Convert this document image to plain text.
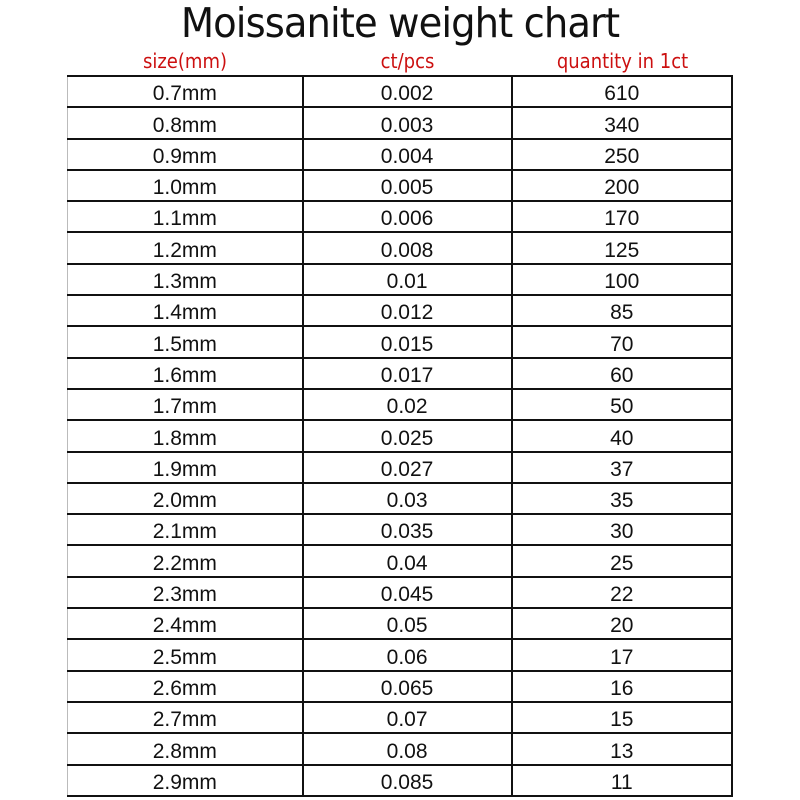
Moissanite weight chart
size(mm)	ct/pcs	quantity in 1ct
0.7mm	0.002	610
0.8mm	0.003	340
0.9mm	0.004	250
1.0mm	0.005	200
1.1mm	0.006	170
1.2mm	0.008	125
1.3mm	0.01	100
1.4mm	0.012	85
1.5mm	0.015	70
1.6mm	0.017	60
1.7mm	0.02	50
1.8mm	0.025	40
1.9mm	0.027	37
2.0mm	0.03	35
2.1mm	0.035	30
2.2mm	0.04	25
2.3mm	0.045	22
2.4mm	0.05	20
2.5mm	0.06	17
2.6mm	0.065	16
2.7mm	0.07	15
2.8mm	0.08	13
2.9mm	0.085	11
